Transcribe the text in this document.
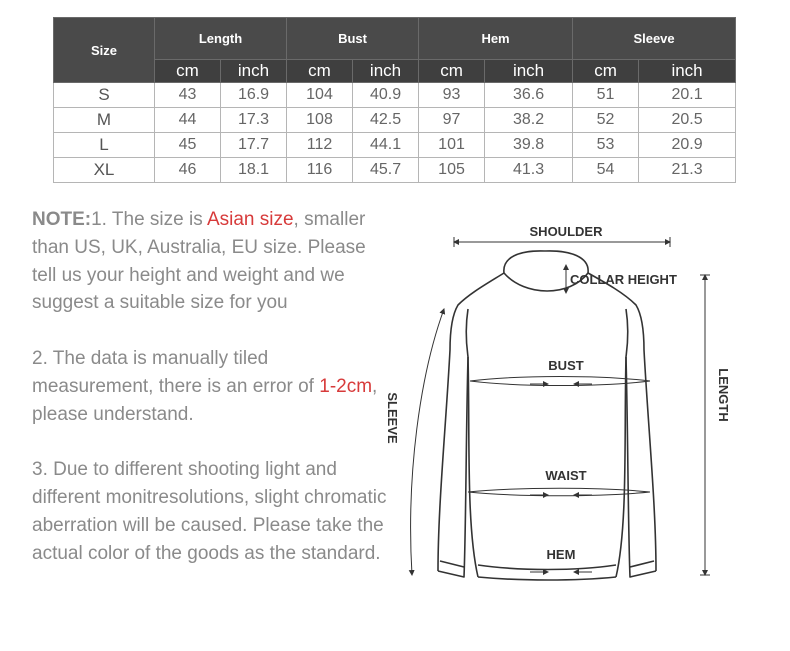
Size	Length		Bust		Hem		Sleeve	
	cm	inch	cm	inch	cm	inch	cm	inch
S	43	16.9	104	40.9	93	36.6	51	20.1
M	44	17.3	108	42.5	97	38.2	52	20.5
L	45	17.7	112	44.1	101	39.8	53	20.9
XL	46	18.1	116	45.7	105	41.3	54	21.3

NOTE:1. The size is Asian size, smaller than US, UK, Australia, EU size. Please tell us your height and weight and we suggest a suitable size for you

2. The data is manually tiled measurement, there is an error of 1-2cm, please understand.

3. Due to different shooting light and different monitresolutions, slight chromatic aberration will be caused. Please take the actual color of the goods as the standard.

SHOULDER
COLLAR HEIGHT
BUST
WAIST
HEM
SLEEVE	LENGTH
